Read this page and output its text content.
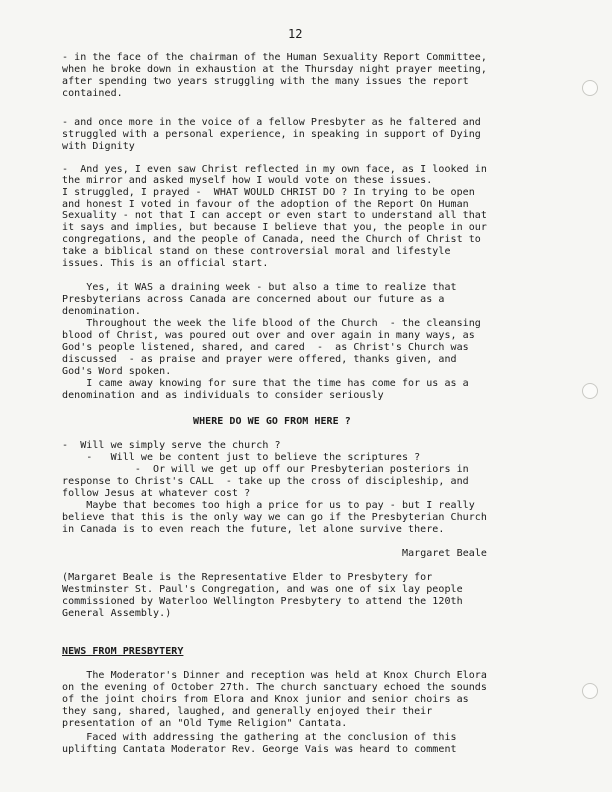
12
- in the face of the chairman of the Human Sexuality Report Committee,
when he broke down in exhaustion at the Thursday night prayer meeting,
after spending two years struggling with the many issues the report
contained.
- and once more in the voice of a fellow Presbyter as he faltered and
struggled with a personal experience, in speaking in support of Dying
with Dignity
-  And yes, I even saw Christ reflected in my own face, as I looked in
the mirror and asked myself how I would vote on these issues.
I struggled, I prayed -  WHAT WOULD CHRIST DO ? In trying to be open
and honest I voted in favour of the adoption of the Report On Human
Sexuality - not that I can accept or even start to understand all that
it says and implies, but because I believe that you, the people in our
congregations, and the people of Canada, need the Church of Christ to
take a biblical stand on these controversial moral and lifestyle
issues. This is an official start.
Yes, it WAS a draining week - but also a time to realize that
Presbyterians across Canada are concerned about our future as a
denomination.
Throughout the week the life blood of the Church  - the cleansing
blood of Christ, was poured out over and over again in many ways, as
God's people listened, shared, and cared  -  as Christ's Church was
discussed  - as praise and prayer were offered, thanks given, and
God's Word spoken.
I came away knowing for sure that the time has come for us as a
denomination and as individuals to consider seriously
WHERE DO WE GO FROM HERE ?
-  Will we simply serve the church ?
-   Will we be content just to believe the scriptures ?
-  Or will we get up off our Presbyterian posteriors in
response to Christ's CALL  - take up the cross of discipleship, and
follow Jesus at whatever cost ?
Maybe that becomes too high a price for us to pay - but I really
believe that this is the only way we can go if the Presbyterian Church
in Canada is to even reach the future, let alone survive there.
Margaret Beale
(Margaret Beale is the Representative Elder to Presbytery for
Westminster St. Paul's Congregation, and was one of six lay people
commissioned by Waterloo Wellington Presbytery to attend the 120th
General Assembly.)
NEWS FROM PRESBYTERY
The Moderator's Dinner and reception was held at Knox Church Elora
on the evening of October 27th. The church sanctuary echoed the sounds
of the joint choirs from Elora and Knox junior and senior choirs as
they sang, shared, laughed, and generally enjoyed their their
presentation of an "Old Tyme Religion" Cantata.
Faced with addressing the gathering at the conclusion of this
uplifting Cantata Moderator Rev. George Vais was heard to comment
